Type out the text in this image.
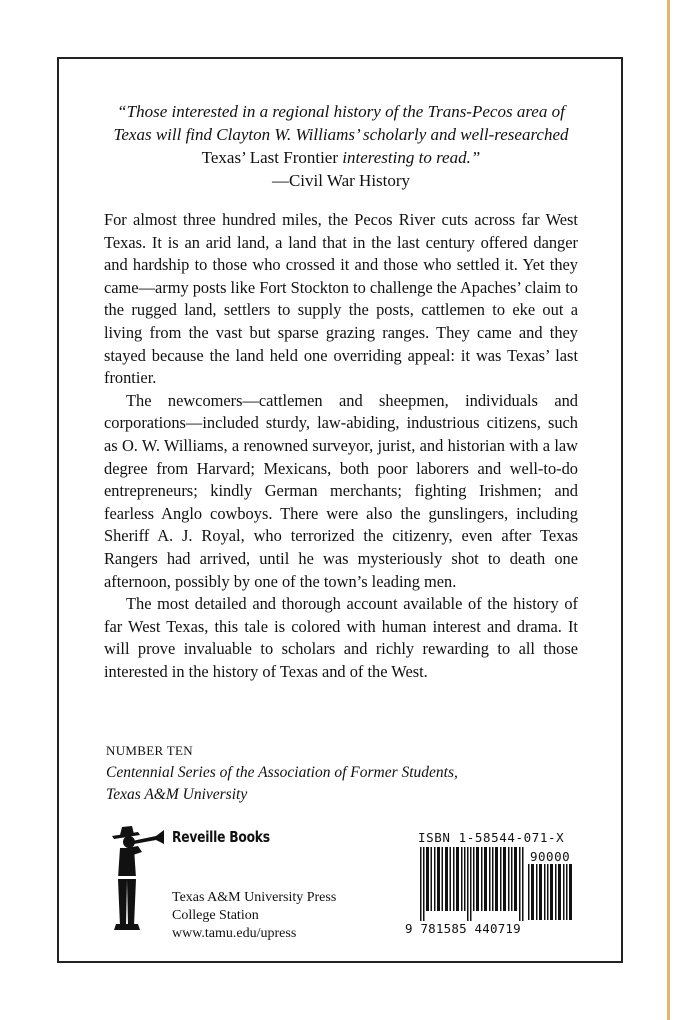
“Those interested in a regional history of the Trans-Pecos area of Texas will find Clayton W. Williams’ scholarly and well-researched Texas’ Last Frontier interesting to read.”
—Civil War History

For almost three hundred miles, the Pecos River cuts across far West Texas. It is an arid land, a land that in the last century offered danger and hardship to those who crossed it and those who settled it. Yet they came—army posts like Fort Stockton to challenge the Apaches’ claim to the rugged land, settlers to supply the posts, cattlemen to eke out a living from the vast but sparse grazing ranges. They came and they stayed because the land held one overriding appeal: it was Texas’ last frontier.

The newcomers—cattlemen and sheepmen, individuals and corporations—included sturdy, law-abiding, industrious citizens, such as O. W. Williams, a renowned surveyor, jurist, and historian with a law degree from Harvard; Mexicans, both poor laborers and well-to-do entrepreneurs; kindly German merchants; fighting Irishmen; and fearless Anglo cowboys. There were also the gunslingers, including Sheriff A. J. Royal, who terrorized the citizenry, even after Texas Rangers had arrived, until he was mysteriously shot to death one afternoon, possibly by one of the town’s leading men.

The most detailed and thorough account available of the history of far West Texas, this tale is colored with human interest and drama. It will prove invaluable to scholars and richly rewarding to all those interested in the history of Texas and of the West.

NUMBER TEN
Centennial Series of the Association of Former Students,
Texas A&M University
Reveille Books
Texas A&M University Press
College Station
www.tamu.edu/upress
ISBN 1-58544-071-X
90000
9 781585 440719
